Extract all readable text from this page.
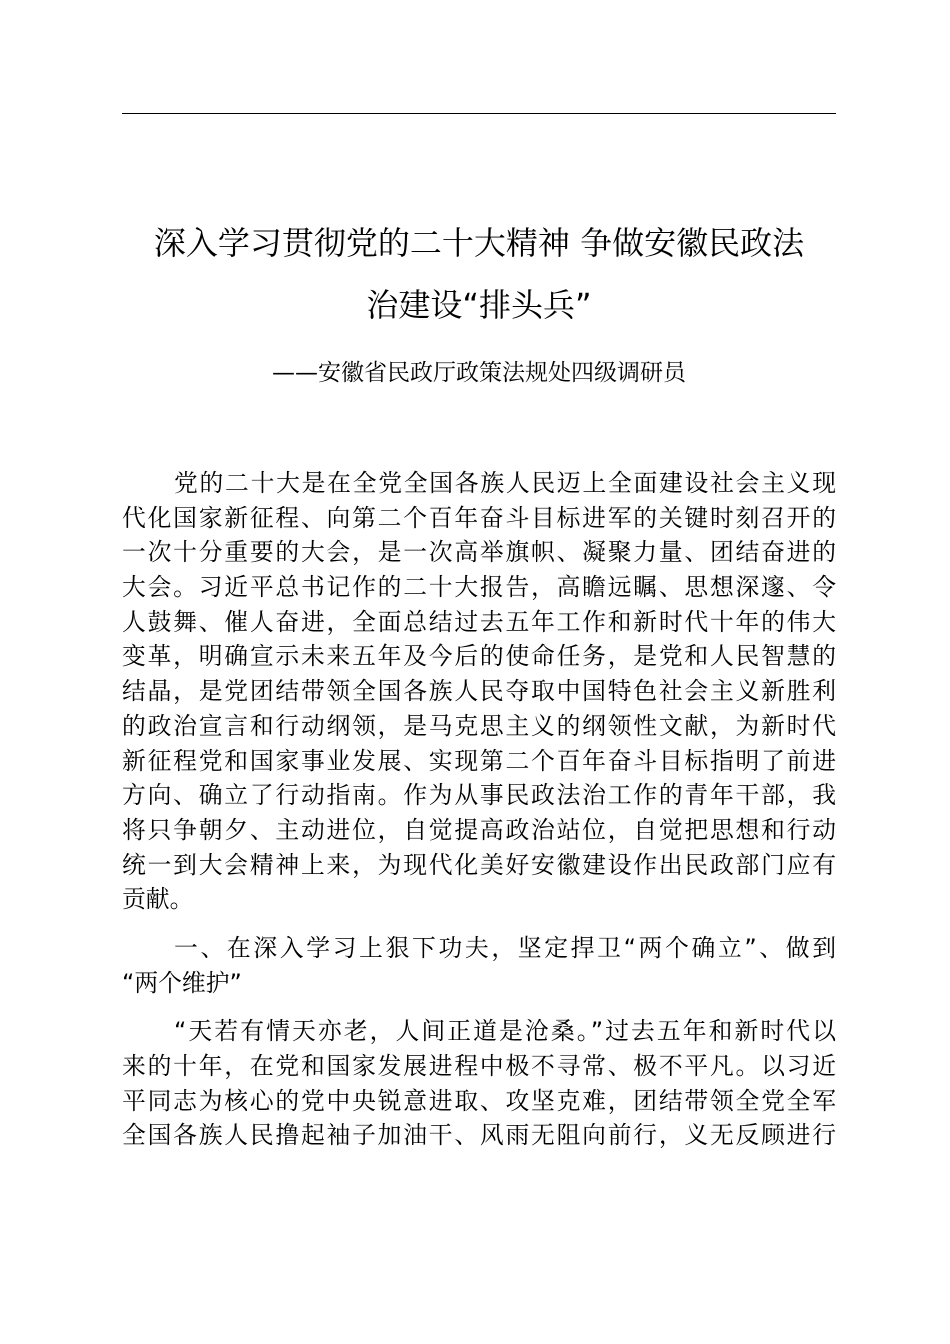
深入学习贯彻党的二十大精神 争做安徽民政法
治建设“排头兵”
——安徽省民政厅政策法规处四级调研员
党的二十大是在全党全国各族人民迈上全面建设社会主义现
代化国家新征程、向第二个百年奋斗目标进军的关键时刻召开的
一次十分重要的大会，是一次高举旗帜、凝聚力量、团结奋进的
大会。习近平总书记作的二十大报告，高瞻远瞩、思想深邃、令
人鼓舞、催人奋进，全面总结过去五年工作和新时代十年的伟大
变革，明确宣示未来五年及今后的使命任务，是党和人民智慧的
结晶，是党团结带领全国各族人民夺取中国特色社会主义新胜利
的政治宣言和行动纲领，是马克思主义的纲领性文献，为新时代
新征程党和国家事业发展、实现第二个百年奋斗目标指明了前进
方向、确立了行动指南。作为从事民政法治工作的青年干部，我
将只争朝夕、主动进位，自觉提高政治站位，自觉把思想和行动
统一到大会精神上来，为现代化美好安徽建设作出民政部门应有
贡献。
一、在深入学习上狠下功夫，坚定捍卫“两个确立”、做到
“两个维护”
“天若有情天亦老，人间正道是沧桑。”过去五年和新时代以
来的十年，在党和国家发展进程中极不寻常、极不平凡。以习近
平同志为核心的党中央锐意进取、攻坚克难，团结带领全党全军
全国各族人民撸起袖子加油干、风雨无阻向前行，义无反顾进行
